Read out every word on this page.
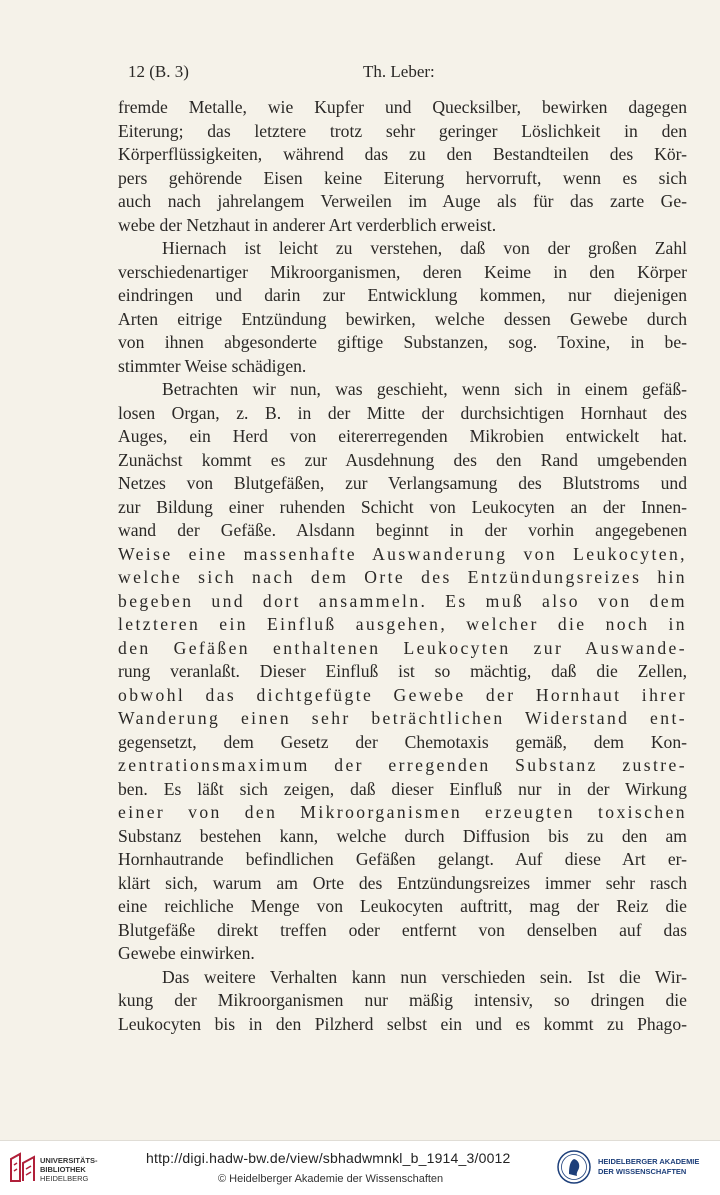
12 (B. 3)	Th. Leber:
fremde Metalle, wie Kupfer und Quecksilber, bewirken dagegen
Eiterung; das letztere trotz sehr geringer Löslichkeit in den
Körperflüssigkeiten, während das zu den Bestandteilen des Kör-
pers gehörende Eisen keine Eiterung hervorruft, wenn es sich
auch nach jahrelangem Verweilen im Auge als für das zarte Ge-
webe der Netzhaut in anderer Art verderblich erweist.
Hiernach ist leicht zu verstehen, daß von der großen Zahl
verschiedenartiger Mikroorganismen, deren Keime in den Körper
eindringen und darin zur Entwicklung kommen, nur diejenigen
Arten eitrige Entzündung bewirken, welche dessen Gewebe durch
von ihnen abgesonderte giftige Substanzen, sog. Toxine, in be-
stimmter Weise schädigen.
Betrachten wir nun, was geschieht, wenn sich in einem gefäß-
losen Organ, z. B. in der Mitte der durchsichtigen Hornhaut des
Auges, ein Herd von eitererregenden Mikrobien entwickelt hat.
Zunächst kommt es zur Ausdehnung des den Rand umgebenden
Netzes von Blutgefäßen, zur Verlangsamung des Blutstroms und
zur Bildung einer ruhenden Schicht von Leukocyten an der Innen-
wand der Gefäße. Alsdann beginnt in der vorhin angegebenen
Weise eine massenhafte Auswanderung von Leukocyten,
welche sich nach dem Orte des Entzündungsreizes hin
begeben und dort ansammeln. Es muß also von dem
letzteren ein Einfluß ausgehen, welcher die noch in
den Gefäßen enthaltenen Leukocyten zur Auswande-
rung veranlaßt. Dieser Einfluß ist so mächtig, daß die Zellen,
obwohl das dichtgefügte Gewebe der Hornhaut ihrer
Wanderung einen sehr beträchtlichen Widerstand ent-
gegensetzt, dem Gesetz der Chemotaxis gemäß, dem Kon-
zentrationsmaximum der erregenden Substanz zustre-
ben. Es läßt sich zeigen, daß dieser Einfluß nur in der Wirkung
einer von den Mikroorganismen erzeugten toxischen
Substanz bestehen kann, welche durch Diffusion bis zu den am
Hornhautrande befindlichen Gefäßen gelangt. Auf diese Art er-
klärt sich, warum am Orte des Entzündungsreizes immer sehr rasch
eine reichliche Menge von Leukocyten auftritt, mag der Reiz die
Blutgefäße direkt treffen oder entfernt von denselben auf das
Gewebe einwirken.
Das weitere Verhalten kann nun verschieden sein. Ist die Wir-
kung der Mikroorganismen nur mäßig intensiv, so dringen die
Leukocyten bis in den Pilzherd selbst ein und es kommt zu Phago-
UNIVERSITÄTS-
BIBLIOTHEK
HEIDELBERG
http://digi.hadw-bw.de/view/sbhadwmnkl_b_1914_3/0012
© Heidelberger Akademie der Wissenschaften
HEIDELBERGER AKADEMIE
DER WISSENSCHAFTEN
